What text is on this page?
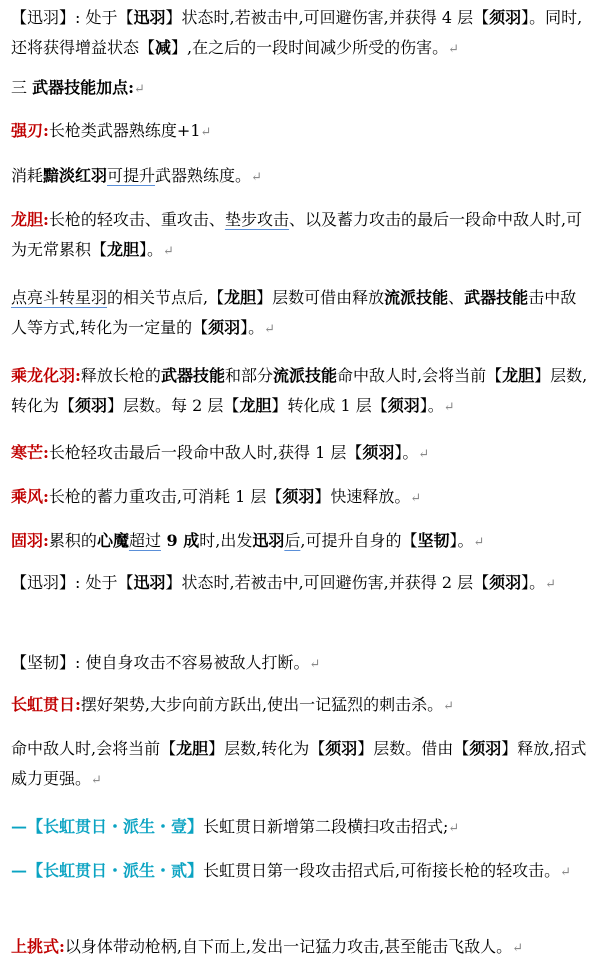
【迅羽】: 处于【迅羽】状态时,若被击中,可回避伤害,并获得 4 层【须羽】。同时,还将获得增益状态【减】,在之后的一段时间减少所受的伤害。↵

三 武器技能加点:↵

强刃:长枪类武器熟练度+1↵

消耗黯淡红羽可提升武器熟练度。↵

龙胆:长枪的轻攻击、重攻击、垫步攻击、以及蓄力攻击的最后一段命中敌人时,可为无常累积【龙胆】。↵

点亮斗转星羽的相关节点后,【龙胆】层数可借由释放流派技能、武器技能击中敌人等方式,转化为一定量的【须羽】。↵

乘龙化羽:释放长枪的武器技能和部分流派技能命中敌人时,会将当前【龙胆】层数,转化为【须羽】层数。每 2 层【龙胆】转化成 1 层【须羽】。↵

寒芒:长枪轻攻击最后一段命中敌人时,获得 1 层【须羽】。↵

乘风:长枪的蓄力重攻击,可消耗 1 层【须羽】快速释放。↵

固羽:累积的心魔超过 9 成时,出发迅羽后,可提升自身的【坚韧】。↵

【迅羽】: 处于【迅羽】状态时,若被击中,可回避伤害,并获得 2 层【须羽】。↵

【坚韧】: 使自身攻击不容易被敌人打断。↵

长虹贯日:摆好架势,大步向前方跃出,使出一记猛烈的刺击杀。↵

命中敌人时,会将当前【龙胆】层数,转化为【须羽】层数。借由【须羽】释放,招式威力更强。↵

—【长虹贯日・派生・壹】长虹贯日新增第二段横扫攻击招式;↵

—【长虹贯日・派生・贰】长虹贯日第一段攻击招式后,可衔接长枪的轻攻击。↵

上挑式:以身体带动枪柄,自下而上,发出一记猛力攻击,甚至能击飞敌人。↵
